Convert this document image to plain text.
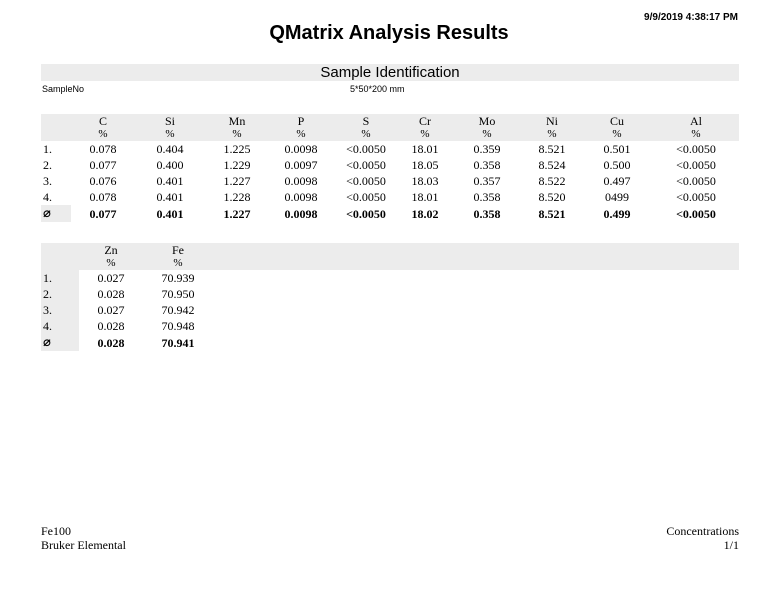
9/9/2019 4:38:17 PM
QMatrix Analysis Results
Sample Identification
SampleNo	5*50*200 mm
	C	Si	Mn	P	S	Cr	Mo	Ni	Cu	Al
	%	%	%	%	%	%	%	%	%	%
1.	0.078	0.404	1.225	0.0098	<0.0050	18.01	0.359	8.521	0.501	<0.0050
2.	0.077	0.400	1.229	0.0097	<0.0050	18.05	0.358	8.524	0.500	<0.0050
3.	0.076	0.401	1.227	0.0098	<0.0050	18.03	0.357	8.522	0.497	<0.0050
4.	0.078	0.401	1.228	0.0098	<0.0050	18.01	0.358	8.520	0499	<0.0050
⌀	0.077	0.401	1.227	0.0098	<0.0050	18.02	0.358	8.521	0.499	<0.0050
	Zn	Fe	
	%	%	
1.	0.027	70.939	
2.	0.028	70.950	
3.	0.027	70.942	
4.	0.028	70.948	
⌀	0.028	70.941	
Fe100
Bruker Elemental
Concentrations
1/1
